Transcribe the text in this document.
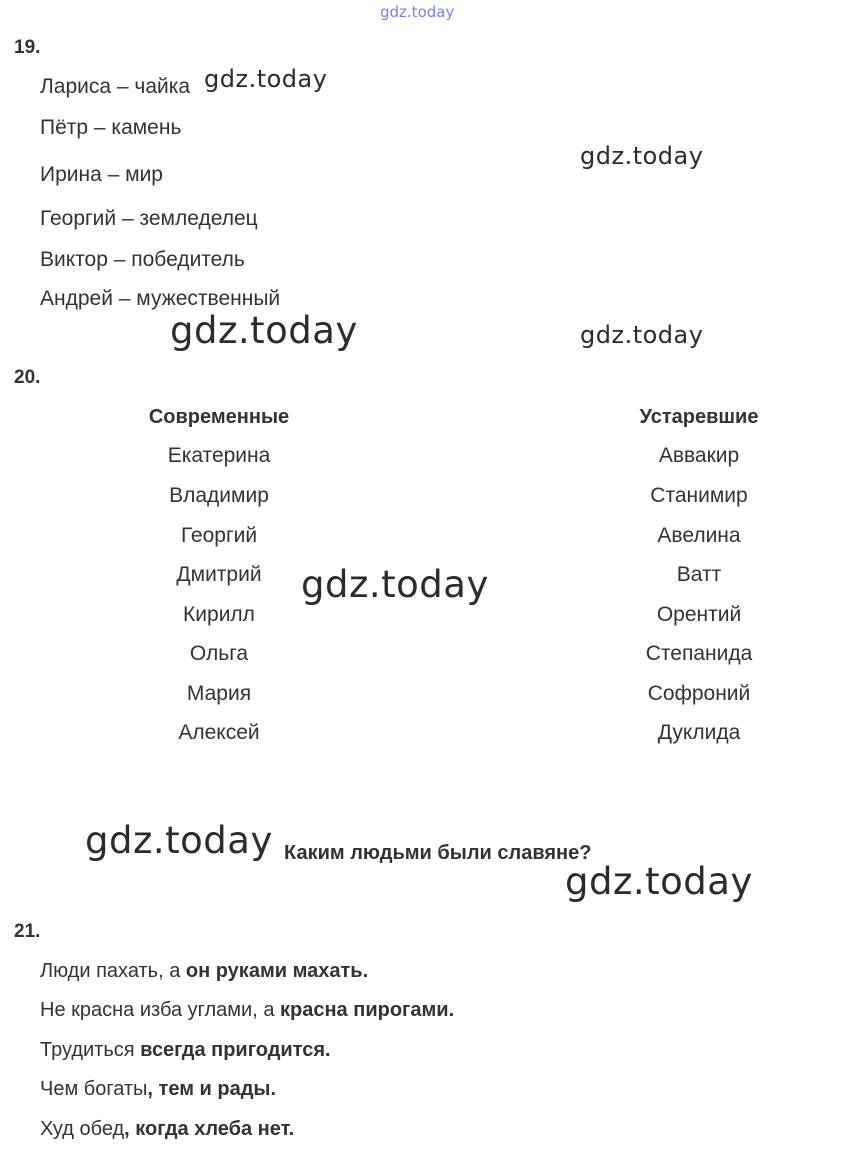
gdz.today
19.
Лариса – чайка
Пётр – камень
Ирина – мир
Георгий – земледелец
Виктор – победитель
Андрей – мужественный
gdz.today
gdz.today
gdz.today	gdz.today
20.
Современные	Устаревшие
Екатерина
Владимир
Георгий
Дмитрий
Кирилл
Ольга
Мария
Алексей
Аввакир
Станимир
Авелина
Ватт
Орентий
Степанида
Софроний
Дуклида
gdz.today
gdz.today Каким людьми были славяне?
gdz.today
21.
Люди пахать, а он руками махать.
Не красна изба углами, а красна пирогами.
Трудиться всегда пригодится.
Чем богаты, тем и рады.
Худ обед, когда хлеба нет.
